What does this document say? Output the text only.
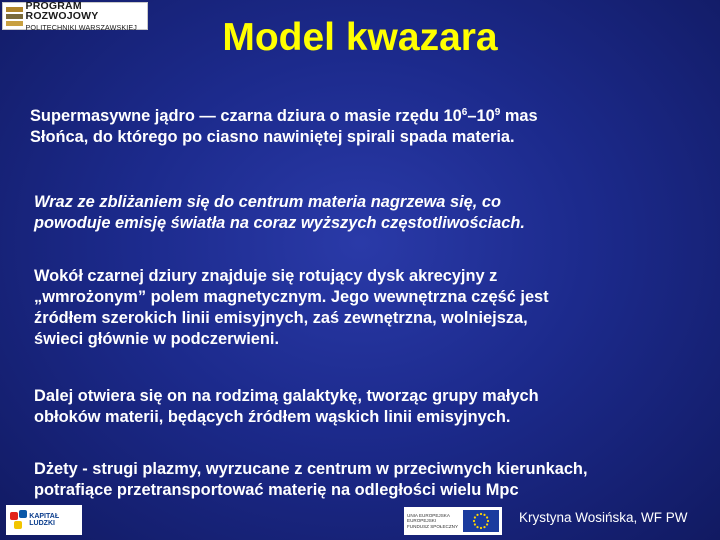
PROGRAM ROZWOJOWY
POLITECHNIKI WARSZAWSKIEJ	Model kwazara

Supermasywne jądro — czarna dziura o masie rzędu $10^6-10^9$ mas
Słońca, do którego po ciasno nawiniętej spirali spada materia.

Wraz ze zbliżaniem się do centrum materia nagrzewa się, co
powoduje emisję światła na coraz wyższych częstotliwościach.

Wokół czarnej dziury znajduje się rotujący dysk akrecyjny z
„wmrożonym” polem magnetycznym. Jego wewnętrzna część jest
źródłem szerokich linii emisyjnych, zaś zewnętrzna, wolniejsza,
świeci głównie w podczerwieni.

Dalej otwiera się on na rodzimą galaktykę, tworząc grupy małych
obłoków materii, będących źródłem wąskich linii emisyjnych.

Dżety - strugi plazmy, wyrzucane z centrum w przeciwnych kierunkach,
potrafiące przetransportować materię na odległości wielu Mpc

KAPITAŁ LUDZKI
UNIA EUROPEJSKA EUROPEJSKI FUNDUSZ SPOŁECZNY

Krystyna Wosińska, WF PW
